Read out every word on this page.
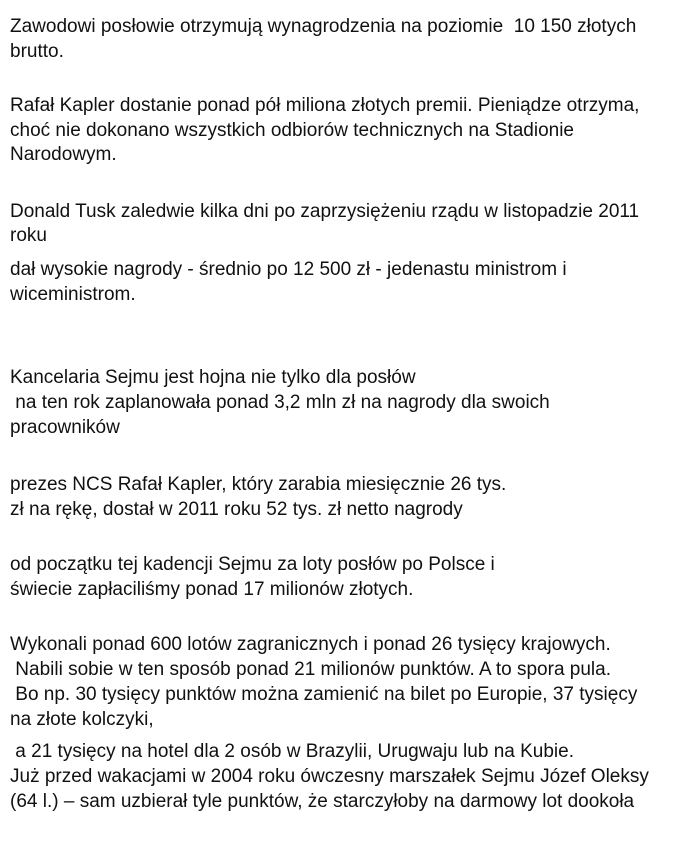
Zawodowi posłowie otrzymują wynagrodzenia na poziomie  10 150 złotych
brutto.
Rafał Kapler dostanie ponad pół miliona złotych premii. Pieniądze otrzyma,
choć nie dokonano wszystkich odbiorów technicznych na Stadionie
Narodowym.
Donald Tusk zaledwie kilka dni po zaprzysiężeniu rządu w listopadzie 2011
roku
dał wysokie nagrody - średnio po 12 500 zł - jedenastu ministrom i
wiceministrom.
Kancelaria Sejmu jest hojna nie tylko dla posłów
na ten rok zaplanowała ponad 3,2 mln zł na nagrody dla swoich
pracowników
prezes NCS Rafał Kapler, który zarabia miesięcznie 26 tys.
zł na rękę, dostał w 2011 roku 52 tys. zł netto nagrody
od początku tej kadencji Sejmu za loty posłów po Polsce i
świecie zapłaciliśmy ponad 17 milionów złotych.
Wykonali ponad 600 lotów zagranicznych i ponad 26 tysięcy krajowych.
Nabili sobie w ten sposób ponad 21 milionów punktów. A to spora pula.
Bo np. 30 tysięcy punktów można zamienić na bilet po Europie, 37 tysięcy
na złote kolczyki,
a 21 tysięcy na hotel dla 2 osób w Brazylii, Urugwaju lub na Kubie.
Już przed wakacjami w 2004 roku ówczesny marszałek Sejmu Józef Oleksy
(64 l.) – sam uzbierał tyle punktów, że starczyłoby na darmowy lot dookoła
